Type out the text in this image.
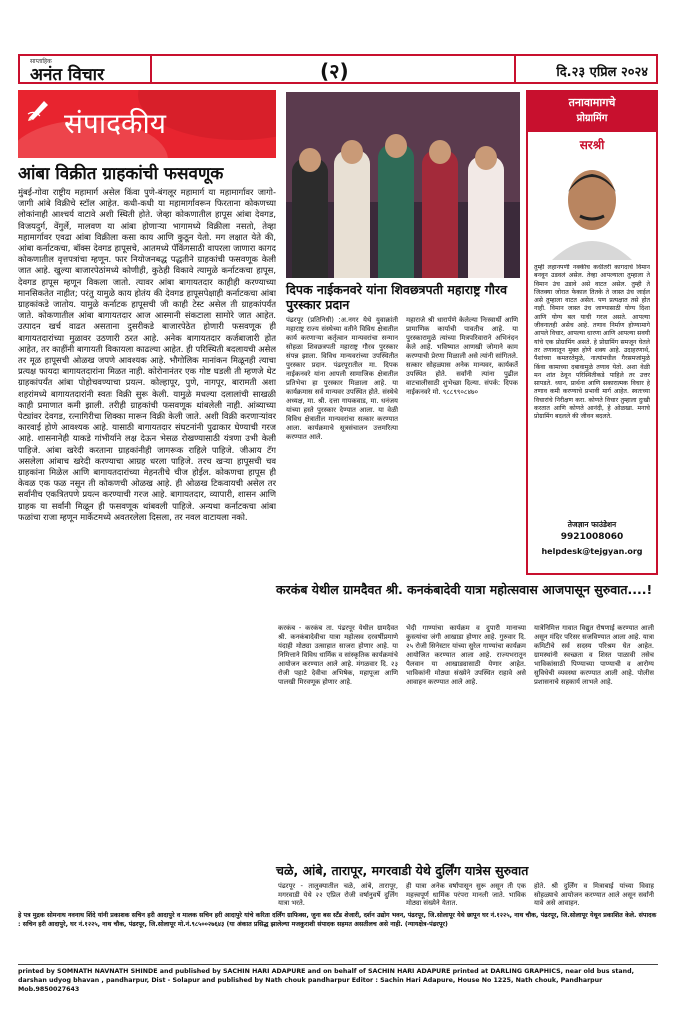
साप्ताहिक
अनंत विचार	(२)	दि.२३ एप्रिल २०२४
संपादकीय
आंबा विक्रीत ग्राहकांची फसवणूक
मुंबई-गोवा राष्ट्रीय महामार्ग असेल किंवा पुणे-बंगलूर महामार्ग या महामार्गावर जागो-जागी आंबे विक्रीचे स्टॉल आहेत. कधी-कधी या महामार्गावरून फिरताना कोकणच्या लोकांनाही आश्चर्य वाटावे अशी स्थिती होते. जेव्हा कोकणातील हापूस आंबा देवगड, विजयदुर्ग, वेंगुर्ले, मालवण या आंबा होणाऱ्या भागामध्ये विक्रीला नसतो, तेव्हा महामार्गावर एवढा आंबा विक्रीला कसा काय आणि कुठून येतो. मग लक्षात येते की, आंबा कर्नाटकचा, बॉक्स देवगड हापूसचे, आतमध्ये पॅकिंगसाठी वापरला जाणारा कागद कोकणातील वृत्तपत्रांचा म्हणून. फार नियोजनबद्ध पद्धतीने ग्राहकांची फसवणूक केली जात आहे. खुल्या बाजारपेठांमध्ये कोणीही, कुठेही विकावे त्यामुळे कर्नाटकचा हापूस, देवगड हापूस म्हणून विकला जातो. त्यावर आंबा बागायतदार काहीही करण्याच्या मानसिकतेत नाहीत; परंतु यामुळे काय होतंय की देवगड हापूसपेक्षाही कर्नाटकचा आंबा ग्राहकांकडे जातोय. यामुळे कर्नाटक हापूसची जी काही टेस्ट असेल ती ग्राहकांपर्यंत जाते. कोकणातील आंबा बागायतदार आज आस्मानी संकटाला सामोरे जात आहेत. उत्पादन खर्च वाढत असताना दुसरीकडे बाजारपेठेत होणारी फसवणूक ही बागायतदारांच्या मुळावर उठणारी ठरत आहे. अनेक बागायतदार कर्जबाजारी होत आहेत, तर काहींनी बागायती विकायला काढल्या आहेत. ही परिस्थिती बदलायची असेल तर मूळ हापूसची ओळख जपणे आवश्यक आहे. भौगोलिक मानांकन मिळूनही त्याचा प्रत्यक्ष फायदा बागायतदारांना मिळत नाही. कोरोनानंतर एक गोष्ट घडली ती म्हणजे थेट ग्राहकांपर्यंत आंबा पोहोचवण्याचा प्रयत्न. कोल्हापूर, पुणे, नागपूर, बारामती अशा शहरांमध्ये बागायतदारांनी स्वतः विक्री सुरू केली. यामुळे मधल्या दलालांची साखळी काही प्रमाणात कमी झाली. तरीही ग्राहकांची फसवणूक थांबलेली नाही. आंब्याच्या पेट्यांवर देवगड, रत्नागिरीचा शिक्का मारून विक्री केली जाते. अशी विक्री करणाऱ्यांवर कारवाई होणे आवश्यक आहे. यासाठी बागायतदार संघटनांनी पुढाकार घेण्याची गरज आहे. शासनानेही याकडे गांभीर्याने लक्ष देऊन भेसळ रोखण्यासाठी यंत्रणा उभी केली पाहिजे. आंबा खरेदी करताना ग्राहकांनीही जागरूक राहिले पाहिजे. जीआय टॅग असलेला आंबाच खरेदी करण्याचा आग्रह धरला पाहिजे. तरच खऱ्या हापूसची चव ग्राहकांना मिळेल आणि बागायतदारांच्या मेहनतीचे चीज होईल. कोकणचा हापूस ही केवळ एक फळ नसून ती कोकणची ओळख आहे. ही ओळख टिकवायची असेल तर सर्वांनीच एकत्रितपणे प्रयत्न करण्याची गरज आहे. बागायतदार, व्यापारी, शासन आणि ग्राहक या सर्वांनी मिळून ही फसवणूक थांबवली पाहिजे. अन्यथा कर्नाटकचा आंबा फळांचा राजा म्हणून मार्केटमध्ये अवतरलेला दिसला, तर नवल वाटायला नको.
दिपक नाईकनवरे यांना शिवछत्रपती महाराष्ट्र गौरव पुरस्कार प्रदान
पंढरपूर (प्रतिनिधी) :अ.नगर येथे युवाक्रांती महाराष्ट्र राज्य संस्थेच्या वतीने विविध क्षेत्रातील कार्य करणाऱ्या कर्तृत्वान मान्यवरांचा सन्मान सोहळा शिवछत्रपती महाराष्ट्र गौरव पुरस्कार संपन्न झाला. विविध मान्यवरांच्या उपस्थितीत पुरस्कार प्रदान. पंढरपूरातील मा. दिपक नाईकनवरे यांना आपली सामाजिक क्षेत्रातील प्रतिभेचा हा पुरस्कार मिळाला आहे. या कार्यक्रमास सर्व मान्यवर उपस्थित होते. संस्थेचे अध्यक्ष, मा. श्री. दत्ता गायकवाड, मा. धनंजय यांच्या हस्ते पुरस्कार देण्यात आला. या वेळी विविध क्षेत्रातील मान्यवरांचा सत्कार करण्यात आला. कार्यक्रमाचे सूत्रसंचालन उत्तमरित्या करण्यात आले.
महाराजे श्री धारार्पणे केलेल्या निःस्वार्थी आणि प्रामाणिक कार्याची पावतीच आहे. या पुरस्कारामुळे त्यांच्या मित्रपरिवाराने अभिनंदन केले आहे. भविष्यात आणखी जोमाने काम करण्याची प्रेरणा मिळाली असे त्यांनी सांगितले. सत्कार सोहळ्यास अनेक मान्यवर, कार्यकर्ते उपस्थित होते. सर्वांनी त्यांना पुढील वाटचालीसाठी शुभेच्छा दिल्या. संपर्क: दिपक नाईकनवरे मो. ९८८९९०८४७०
तनावामागचे
प्रोग्रामिंग
सरश्री
तुम्ही लहानपणी नक्कीच कधीतरी कागदाचे विमान बनवून उडवलं असेल. तेव्हा आपल्याला तुम्हाला ते विमान उंच उडावे असे वाटत असेल. तुम्ही ते जितक्या जोरात फेकाल तितके ते जास्त उंच जाईल असे तुम्हाला वाटत असेल. पण प्रत्यक्षात तसे होत नाही. विमान जास्त उंच जाण्यासाठी योग्य दिशा आणि योग्य बल याची गरज असते. आपल्या जीवनातही असेच आहे. तणाव निर्माण होण्यामागे आपले विचार, आपल्या धारणा आणि आपल्या सवयी यांचे एक प्रोग्रामिंग असते. हे प्रोग्रामिंग समजून घेतले तर तणावातून मुक्त होणे शक्य आहे. उदाहरणार्थ, पैशांच्या कमतरतेमुळे, नात्यांमधील गैरसमजांमुळे किंवा कामाच्या दबावामुळे तणाव येतो. अशा वेळी मन शांत ठेवून परिस्थितीकडे पाहिले तर उत्तर सापडते. ध्यान, प्रार्थना आणि सकारात्मक विचार हे तणाव कमी करण्याचे प्रभावी मार्ग आहेत. स्वतःच्या विचारांचे निरीक्षण करा. कोणते विचार तुम्हाला दुःखी करतात आणि कोणते आनंदी, हे ओळखा. मनाचे प्रोग्रामिंग बदलले की जीवन बदलते.
तेजज्ञान फाउंडेशन
9921008060
helpdesk@tejgyan.org
करकंब येथील ग्रामदैवत श्री. कनकंबादेवी यात्रा महोत्सवास आजपासून सुरुवात....!
करकंब - करकंब ता. पंढरपूर येथील ग्रामदैवत श्री. कनकंबादेवीचा यात्रा महोत्सव दरवर्षीप्रमाणे यंदाही मोठ्या उत्साहात साजरा होणार आहे. या निमित्ताने विविध धार्मिक व सांस्कृतिक कार्यक्रमांचे आयोजन करण्यात आले आहे. मंगळवार दि. २३ रोजी पहाटे देवीचा अभिषेक, महापूजा आणि पालखी मिरवणूक होणार आहे.
भेदी गाण्यांचा कार्यक्रम व दुपारी मानाच्या कुस्त्यांचा जंगी आखाडा होणार आहे. गुरुवार दि. २५ रोजी सिनेस्टार यांच्या सुरेल गाण्यांचा कार्यक्रम आयोजित करण्यात आला आहे. राज्यभरातून पैलवान या आखाड्यासाठी येणार आहेत. भाविकांनी मोठ्या संख्येने उपस्थित राहावे असे आवाहन करण्यात आले आहे.
यात्रेनिमित्त गावात विद्युत रोषणाई करण्यात आली असून मंदिर परिसर सजविण्यात आला आहे. यात्रा कमिटीचे सर्व सदस्य परिश्रम घेत आहेत. ग्रामस्थांनी स्वच्छता व शिस्त पाळावी तसेच भाविकांसाठी पिण्याच्या पाण्याची व आरोग्य सुविधेची व्यवस्था करण्यात आली आहे. पोलीस प्रशासनाचे सहकार्य लाभले आहे.
चळे, आंबे, तारापूर, मगरवाडी येथे दुर्लिंग यात्रेस सुरुवात
पंढरपूर - तालुक्यातील चळे, आंबे, तारापूर, मगरवाडी येथे २२ एप्रिल रोजी वर्षानुवर्षे दुर्लिंग यात्रा भरते.
ही यात्रा अनेक वर्षांपासून सुरू असून ती एक महत्त्वपूर्ण धार्मिक परंपरा मानली जाते. भाविक मोठ्या संख्येने येतात.
होते. श्री दुर्लिंग व मित्राबाई यांच्या विवाह सोहळ्याचे आयोजन करण्यात आले असून सर्वांनी यावे असे आवाहन.
हे पत्र मुद्रक सोमनाथ नवनाथ शिंदे यांनी प्रकाशक सचिन हरी आदापुरे व मालक सचिन हरी आदापुरे यांचे करिता दर्लिंग ग्राफिक्स, जुना बस स्टॅंड शेजारी, दर्शन उद्योग भवन, पंढरपूर, जि.सोलापूर येथे छापून घर नं.१२२५, नाथ चौक, पंढरपूर, जि.सोलापूर येथून प्रकाशित केले. संपादक : सचिन हरी आदापुरे, घर नं.१२२५, नाथ चौक, पंढरपूर, जि.सोलापूर मो.नं.९८५००२७६४३ (या अंकात प्रसिद्ध झालेल्या मजकुराशी संपादक सहमत असतीलच असे नाही. (न्यायक्षेत्र-पंढरपूर)
printed by SOMNATH NAVNATH SHINDE and published by SACHIN HARI ADAPURE and on behalf of SACHIN HARI ADAPURE printed at DARLING GRAPHICS, near old bus stand, darshan udyog bhavan , pandharpur, Dist - Solapur and published by Nath chouk pandharpur Editor : Sachin Hari Adapure, House No 1225, Nath chouk, Pandharpur Mob.9850027643
